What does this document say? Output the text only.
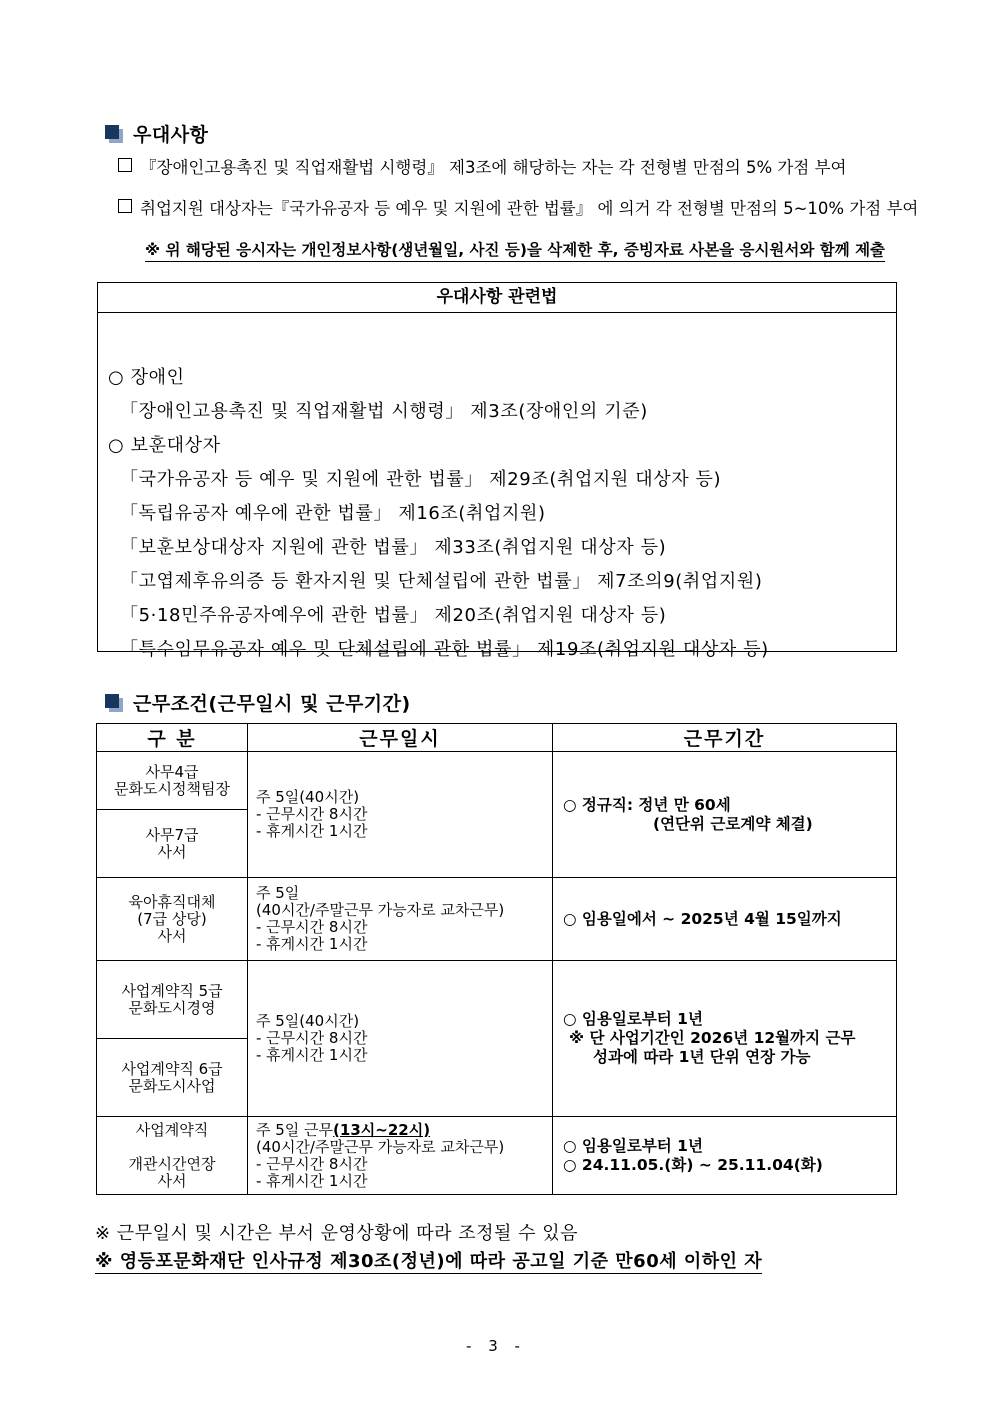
우대사항
『장애인고용촉진 및 직업재활법 시행령』 제3조에 해당하는 자는 각 전형별 만점의 5% 가점 부여
취업지원 대상자는『국가유공자 등 예우 및 지원에 관한 법률』 에 의거 각 전형별 만점의 5~10% 가점 부여
※ 위 해당된 응시자는 개인정보사항(생년월일, 사진 등)을 삭제한 후, 증빙자료 사본을 응시원서와 함께 제출
우대사항 관련법
○ 장애인
「장애인고용촉진 및 직업재활법 시행령」 제3조(장애인의 기준)
○ 보훈대상자
「국가유공자 등 예우 및 지원에 관한 법률」 제29조(취업지원 대상자 등)
「독립유공자 예우에 관한 법률」 제16조(취업지원)
「보훈보상대상자 지원에 관한 법률」 제33조(취업지원 대상자 등)
「고엽제후유의증 등 환자지원 및 단체설립에 관한 법률」 제7조의9(취업지원)
「5·18민주유공자예우에 관한 법률」 제20조(취업지원 대상자 등)
「특수임무유공자 예우 및 단체설립에 관한 법률」 제19조(취업지원 대상자 등)
근무조건(근무일시 및 근무기간)
구 분	근무일시	근무기간

사무4급
문화도시정책팀장	주 5일(40시간)
- 근무시간 8시간
- 휴게시간 1시간	○ 정규직: 정년 만 60세
(연단위 근로계약 체결)

사무7급
사서		

육아휴직대체
(7급 상당)
사서	주 5일
(40시간/주말근무 가능자로 교차근무)
- 근무시간 8시간
- 휴게시간 1시간	○ 임용일에서 ~ 2025년 4월 15일까지

사업계약직 5급
문화도시경영	주 5일(40시간)
- 근무시간 8시간
- 휴게시간 1시간	○ 임용일로부터 1년
※ 단 사업기간인 2026년 12월까지 근무
성과에 따라 1년 단위 연장 가능

사업계약직 6급
문화도시사업		

사업계약직
개관시간연장
사서	주 5일 근무(13시~22시)
(40시간/주말근무 가능자로 교차근무)
- 근무시간 8시간
- 휴게시간 1시간	○ 임용일로부터 1년
○ 24.11.05.(화) ~ 25.11.04(화)
※ 근무일시 및 시간은 부서 운영상황에 따라 조정될 수 있음
※ 영등포문화재단 인사규정 제30조(정년)에 따라 공고일 기준 만60세 이하인 자
- 3 -
